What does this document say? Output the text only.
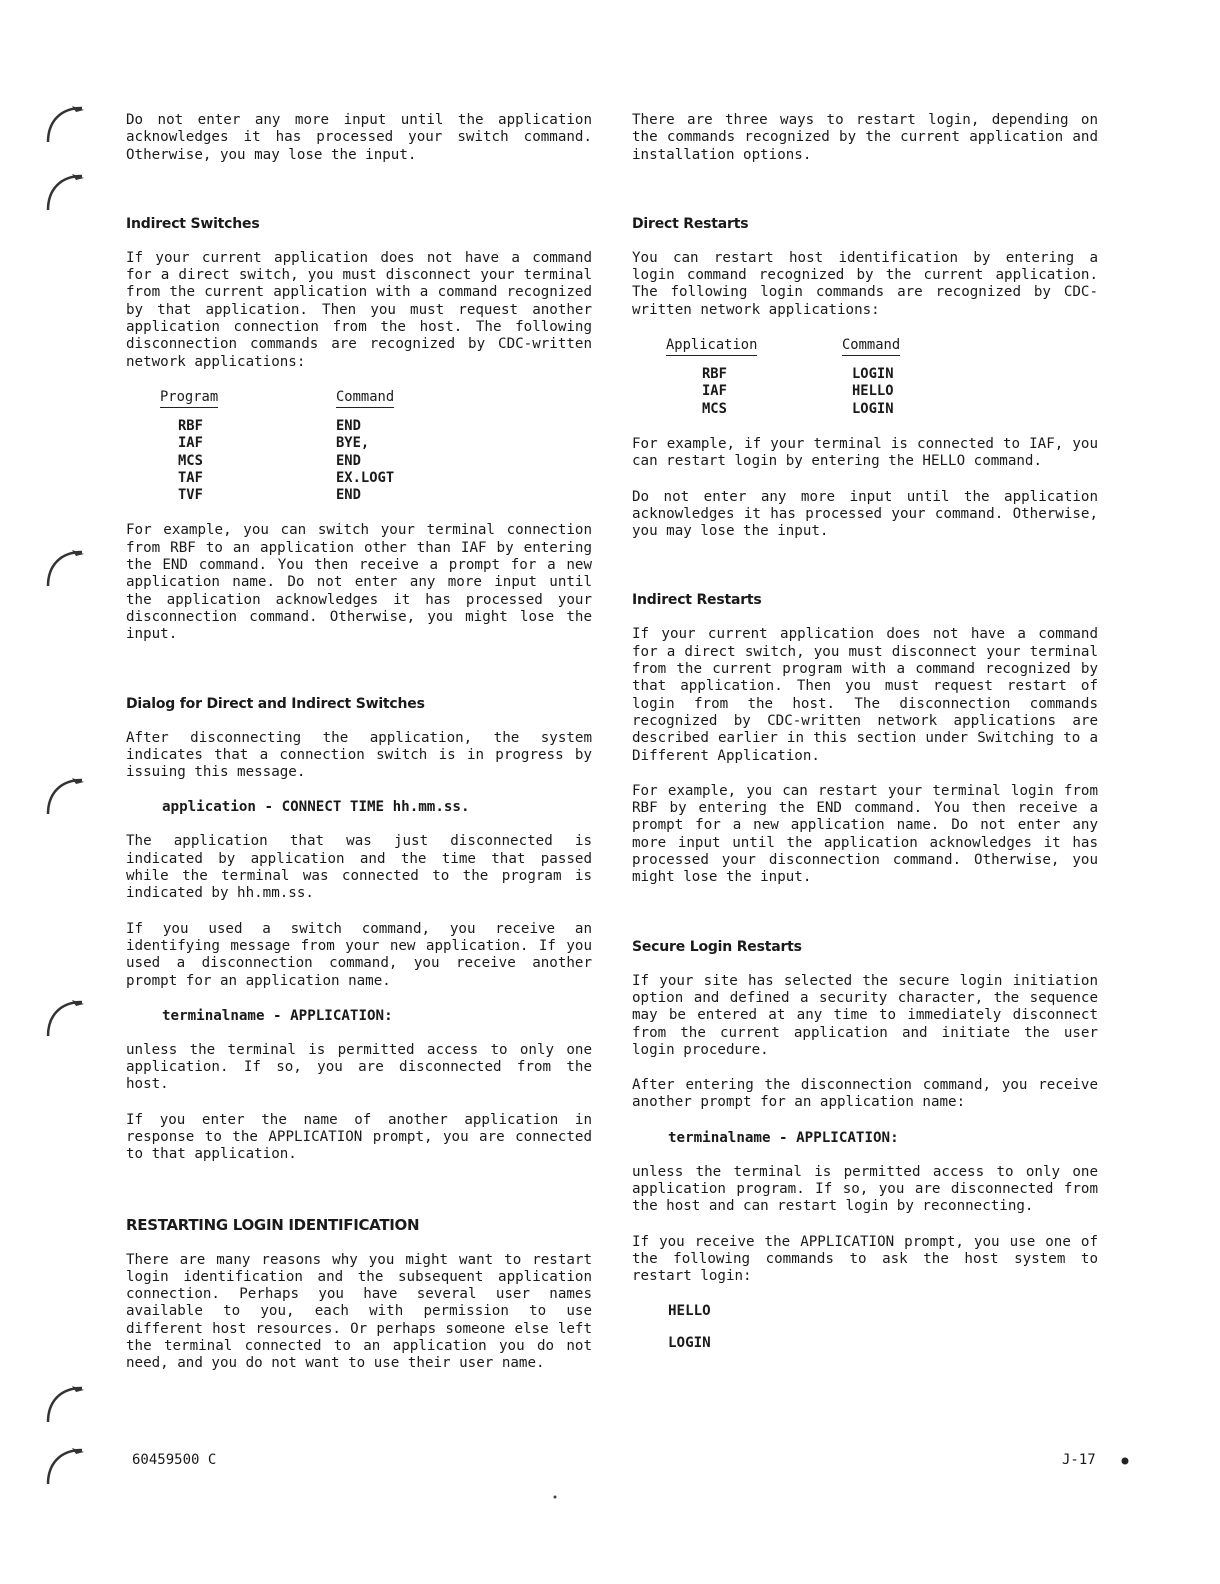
Do not enter any more input until the application acknowledges it has processed your switch command. Otherwise, you may lose the input.

Indirect Switches

If your current application does not have a command for a direct switch, you must disconnect your terminal from the current application with a command recognized by that application. Then you must request another application connection from the host. The following disconnection commands are recognized by CDC-written network applications:

Program	Command

RBF	END
IAF	BYE,
MCS	END
TAF	EX.LOGT
TVF	END

For example, you can switch your terminal connection from RBF to an application other than IAF by entering the END command. You then receive a prompt for a new application name. Do not enter any more input until the application acknowledges it has processed your disconnection command. Otherwise, you might lose the input.

Dialog for Direct and Indirect Switches

After disconnecting the application, the system indicates that a connection switch is in progress by issuing this message.

application - CONNECT TIME hh.mm.ss.

The application that was just disconnected is indicated by application and the time that passed while the terminal was connected to the program is indicated by hh.mm.ss.

If you used a switch command, you receive an identifying message from your new application. If you used a disconnection command, you receive another prompt for an application name.

terminalname - APPLICATION:

unless the terminal is permitted access to only one application. If so, you are disconnected from the host.

If you enter the name of another application in response to the APPLICATION prompt, you are connected to that application.

RESTARTING LOGIN IDENTIFICATION

There are many reasons why you might want to restart login identification and the subsequent application connection. Perhaps you have several user names available to you, each with permission to use different host resources. Or perhaps someone else left the terminal connected to an application you do not need, and you do not want to use their user name.

There are three ways to restart login, depending on the commands recognized by the current application and installation options.

Direct Restarts

You can restart host identification by entering a login command recognized by the current application. The following login commands are recognized by CDC-written network applications:

Application	Command

RBF	LOGIN
IAF	HELLO
MCS	LOGIN

For example, if your terminal is connected to IAF, you can restart login by entering the HELLO command.

Do not enter any more input until the application acknowledges it has processed your command. Otherwise, you may lose the input.

Indirect Restarts

If your current application does not have a command for a direct switch, you must disconnect your terminal from the current program with a command recognized by that application. Then you must request restart of login from the host. The disconnection commands recognized by CDC-written network applications are described earlier in this section under Switching to a Different Application.

For example, you can restart your terminal login from RBF by entering the END command. You then receive a prompt for a new application name. Do not enter any more input until the application acknowledges it has processed your disconnection command. Otherwise, you might lose the input.

Secure Login Restarts

If your site has selected the secure login initiation option and defined a security character, the sequence may be entered at any time to immediately disconnect from the current application and initiate the user login procedure.

After entering the disconnection command, you receive another prompt for an application name:

terminalname - APPLICATION:

unless the terminal is permitted access to only one application program. If so, you are disconnected from the host and can restart login by reconnecting.

If you receive the APPLICATION prompt, you use one of the following commands to ask the host system to restart login:

HELLO

LOGIN

60459500 C	J-17
